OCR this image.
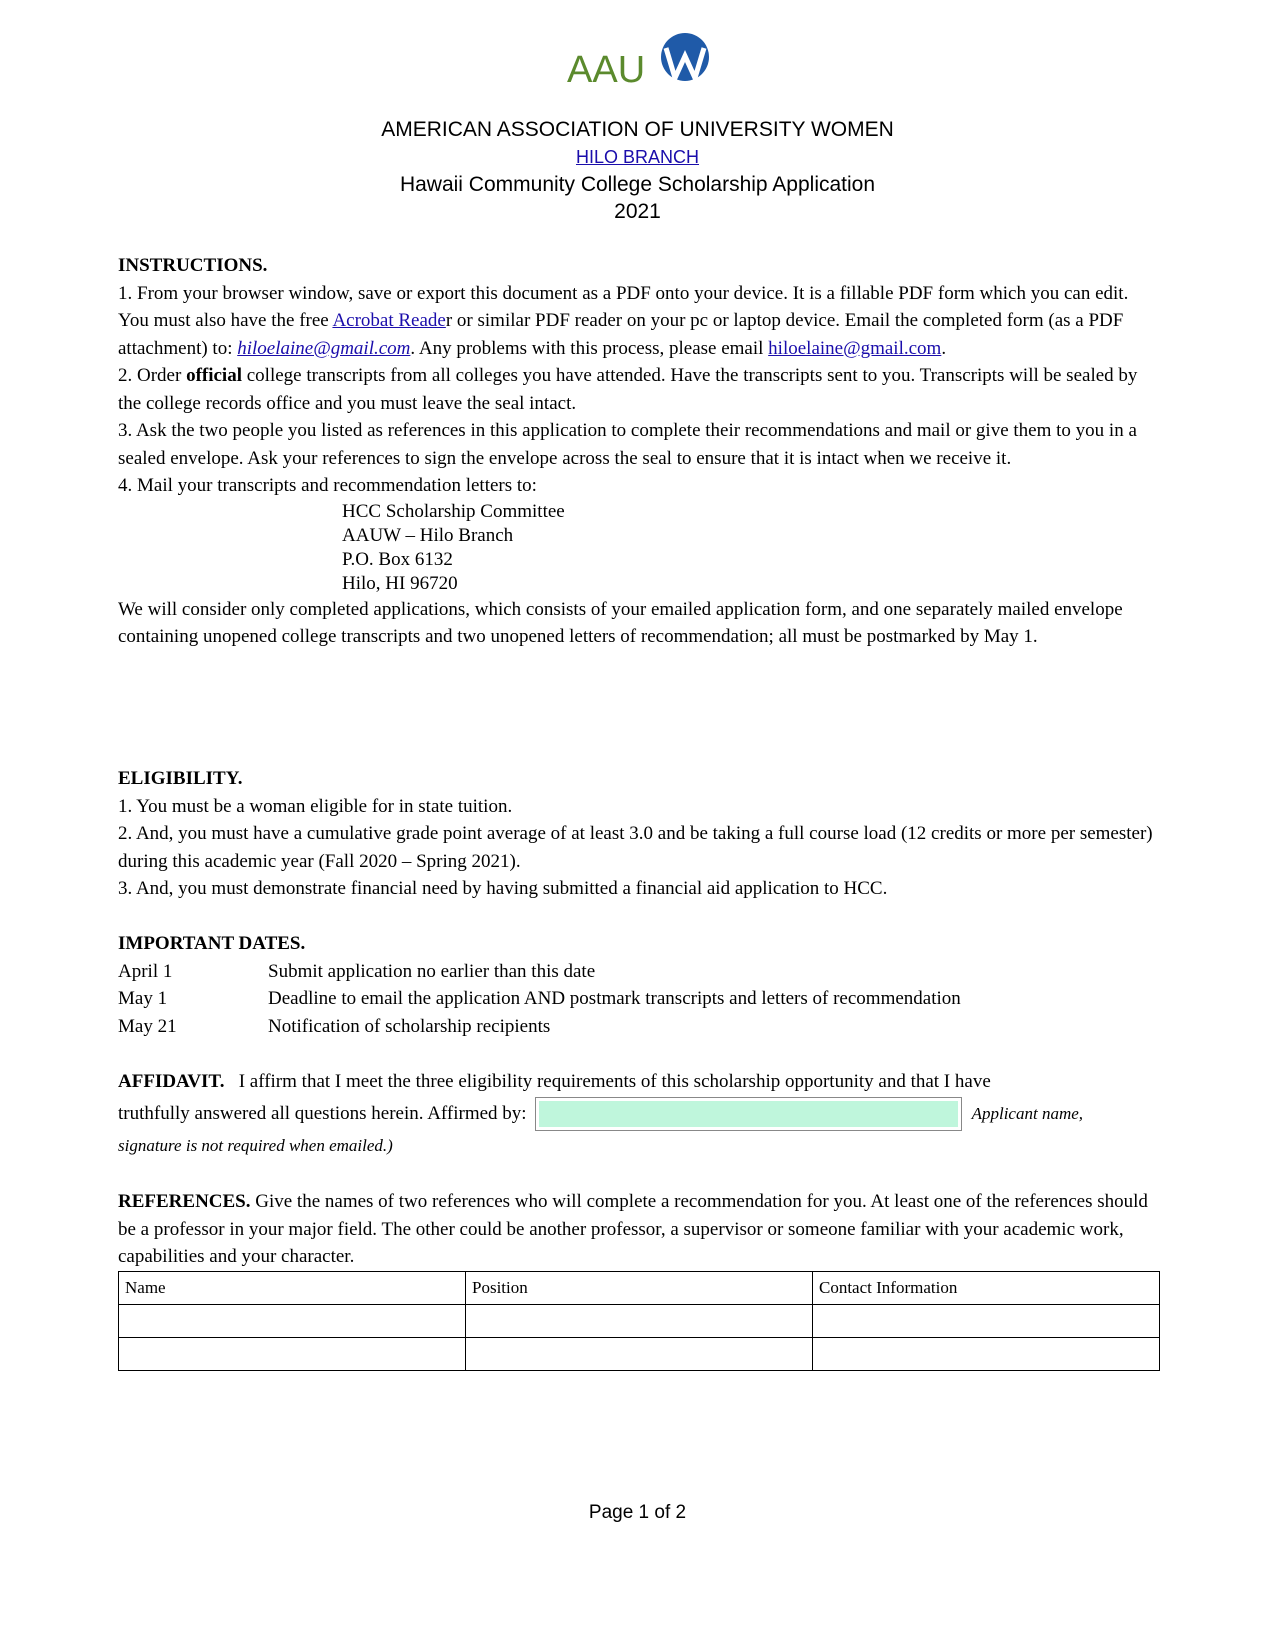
AAU
AMERICAN ASSOCIATION OF UNIVERSITY WOMEN
HILO BRANCH
Hawaii Community College Scholarship Application
2021

INSTRUCTIONS.

1. From your browser window, save or export this document as a PDF onto your device. It is a fillable PDF form which you can edit. You must also have the free Acrobat Reader or similar PDF reader on your pc or laptop device. Email the completed form (as a PDF attachment) to: hiloelaine@gmail.com. Any problems with this process, please email hiloelaine@gmail.com.

2. Order official college transcripts from all colleges you have attended. Have the transcripts sent to you. Transcripts will be sealed by the college records office and you must leave the seal intact.

3. Ask the two people you listed as references in this application to complete their recommendations and mail or give them to you in a sealed envelope. Ask your references to sign the envelope across the seal to ensure that it is intact when we receive it.

4. Mail your transcripts and recommendation letters to:

HCC Scholarship Committee
AAUW – Hilo Branch
P.O. Box 6132
Hilo, HI 96720

We will consider only completed applications, which consists of your emailed application form, and one separately mailed envelope containing unopened college transcripts and two unopened letters of recommendation; all must be postmarked by May 1.

ELIGIBILITY.

1. You must be a woman eligible for in state tuition.

2. And, you must have a cumulative grade point average of at least 3.0 and be taking a full course load (12 credits or more per semester) during this academic year (Fall 2020 – Spring 2021).

3. And, you must demonstrate financial need by having submitted a financial aid application to HCC.

IMPORTANT DATES.

April 1	Submit application no earlier than this date
May 1	Deadline to email the application AND postmark transcripts and letters of recommendation
May 21	Notification of scholarship recipients

AFFIDAVIT.   I affirm that I meet the three eligibility requirements of this scholarship opportunity and that I have

truthfully answered all questions herein. Affirmed by:	Applicant name,

signature is not required when emailed.)

REFERENCES. Give the names of two references who will complete a recommendation for you. At least one of the references should be a professor in your major field. The other could be another professor, a supervisor or someone familiar with your academic work, capabilities and your character.

Name	Position	Contact Information

Page 1 of 2
